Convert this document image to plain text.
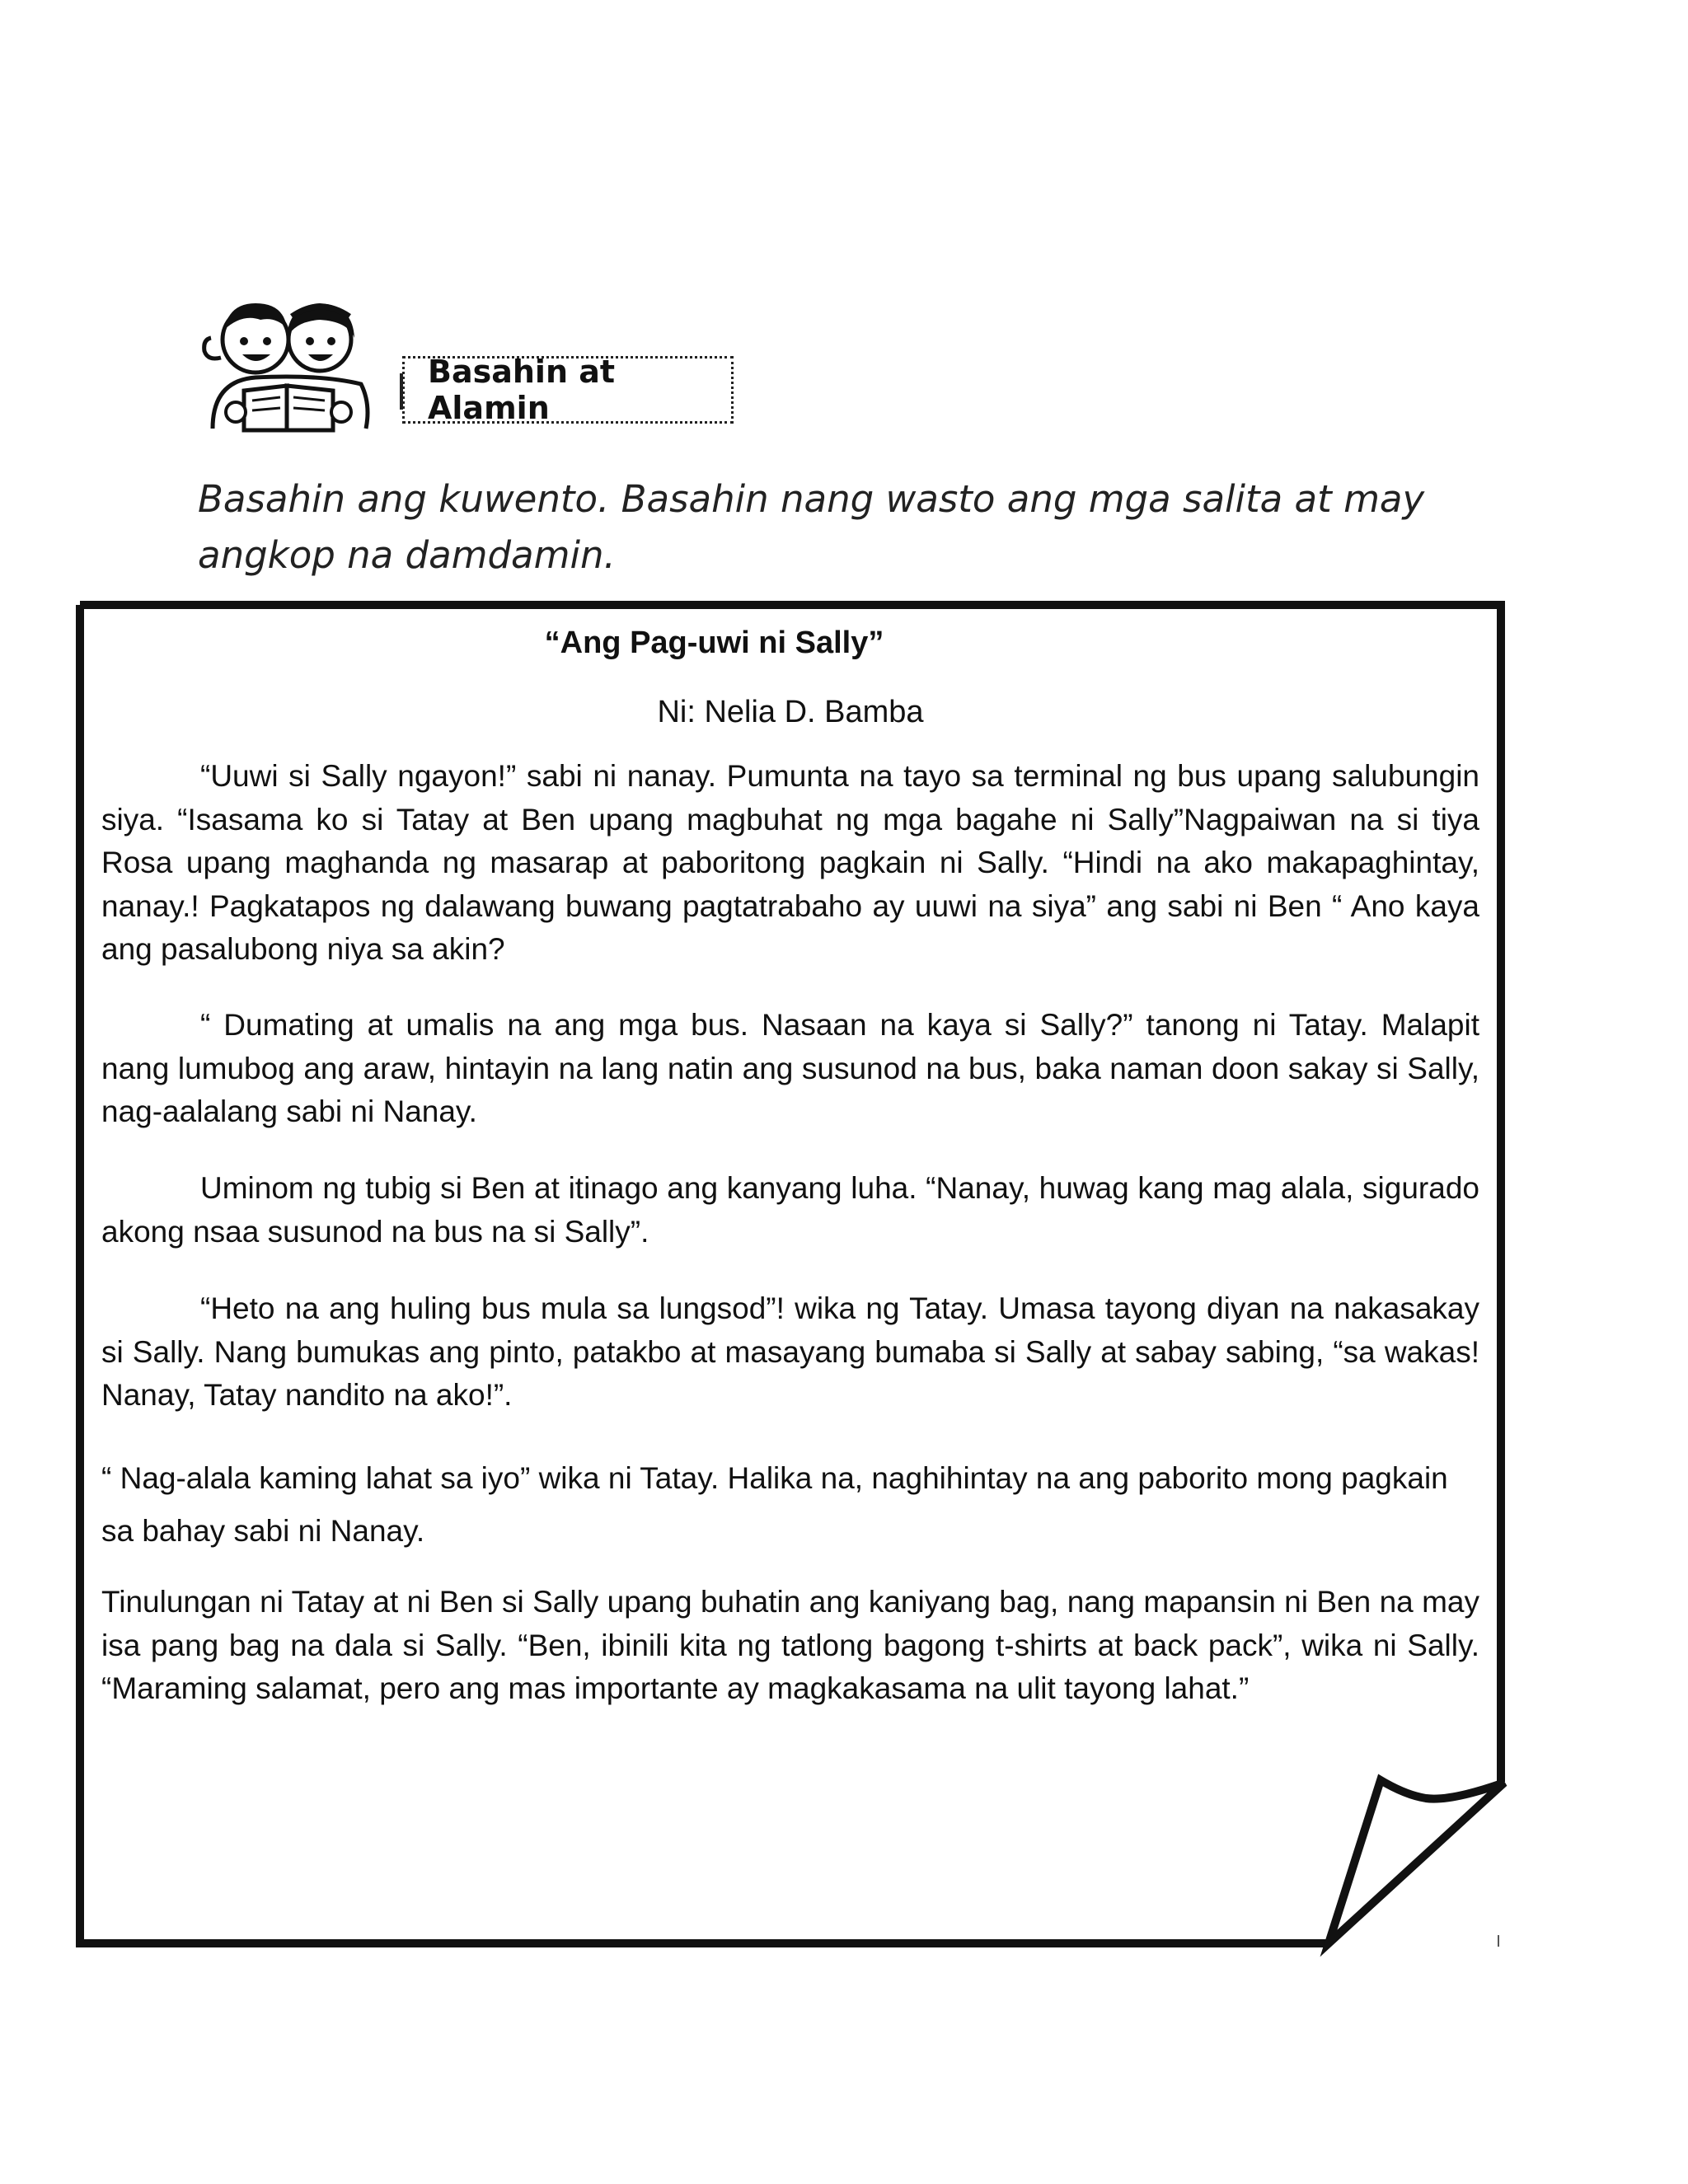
Basahin at Alamin

Basahin ang kuwento. Basahin nang wasto ang mga salita at may angkop na damdamin.

“Ang Pag-uwi ni Sally”

Ni: Nelia D. Bamba

“Uuwi si Sally ngayon!” sabi ni nanay. Pumunta na tayo sa terminal ng bus upang salubungin siya. “Isasama ko si Tatay at Ben upang magbuhat ng mga bagahe ni Sally”Nagpaiwan na si tiya Rosa upang maghanda ng masarap at paboritong pagkain ni Sally. “Hindi na ako makapaghintay, nanay.! Pagkatapos ng dalawang buwang pagtatrabaho ay uuwi na siya” ang sabi ni Ben “ Ano kaya ang pasalubong niya sa akin?

“ Dumating at umalis na ang mga bus. Nasaan na kaya si Sally?” tanong ni Tatay. Malapit nang lumubog ang araw, hintayin na lang natin ang susunod na bus, baka naman doon sakay si Sally, nag-aalalang sabi ni Nanay.

Uminom ng tubig si Ben at itinago ang kanyang luha. “Nanay, huwag kang mag alala, sigurado akong nsaa susunod na bus na si Sally”.

“Heto na ang huling bus mula sa lungsod”! wika ng Tatay. Umasa tayong diyan na nakasakay si Sally. Nang bumukas ang pinto, patakbo at masayang bumaba si Sally at sabay sabing, “sa wakas! Nanay, Tatay nandito na ako!”.

“ Nag-alala kaming lahat sa iyo” wika ni Tatay. Halika na, naghihintay na ang paborito mong pagkain sa bahay sabi ni Nanay.

Tinulungan ni Tatay at ni Ben si Sally upang buhatin ang kaniyang bag, nang mapansin ni Ben na may isa pang bag na dala si Sally. “Ben, ibinili kita ng tatlong bagong t-shirts at back pack”, wika ni Sally. “Maraming salamat, pero ang mas importante ay magkakasama na ulit tayong lahat.”
